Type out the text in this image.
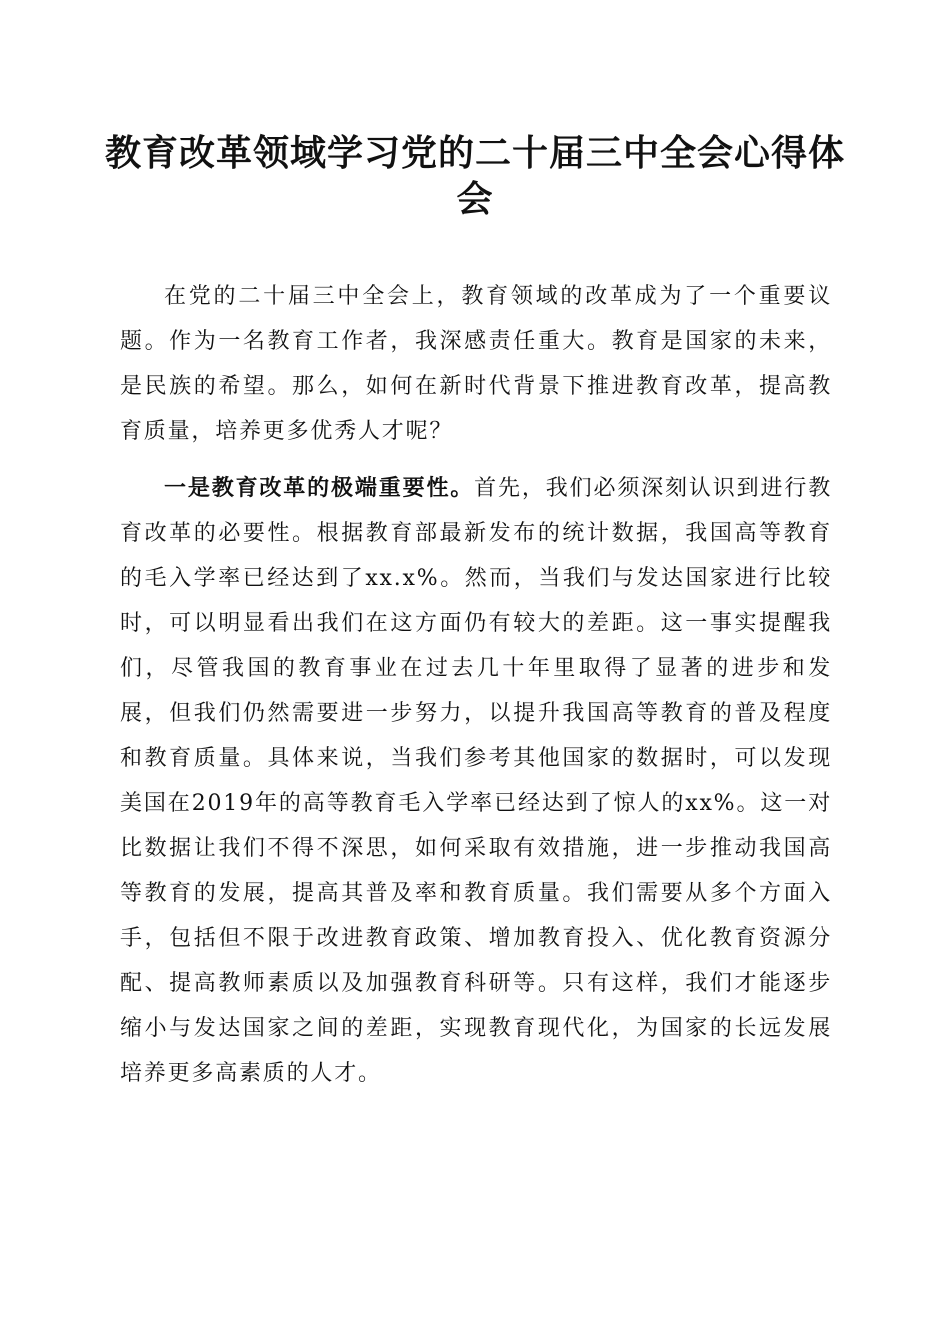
教育改革领域学习党的二十届三中全会心得体会

在党的二十届三中全会上，教育领域的改革成为了一个重要议题。作为一名教育工作者，我深感责任重大。教育是国家的未来，是民族的希望。那么，如何在新时代背景下推进教育改革，提高教育质量，培养更多优秀人才呢？

一是教育改革的极端重要性。首先，我们必须深刻认识到进行教育改革的必要性。根据教育部最新发布的统计数据，我国高等教育的毛入学率已经达到了xx.x%。然而，当我们与发达国家进行比较时，可以明显看出我们在这方面仍有较大的差距。这一事实提醒我们，尽管我国的教育事业在过去几十年里取得了显著的进步和发展，但我们仍然需要进一步努力，以提升我国高等教育的普及程度和教育质量。具体来说，当我们参考其他国家的数据时，可以发现美国在2019年的高等教育毛入学率已经达到了惊人的xx%。这一对比数据让我们不得不深思，如何采取有效措施，进一步推动我国高等教育的发展，提高其普及率和教育质量。我们需要从多个方面入手，包括但不限于改进教育政策、增加教育投入、优化教育资源分配、提高教师素质以及加强教育科研等。只有这样，我们才能逐步缩小与发达国家之间的差距，实现教育现代化，为国家的长远发展培养更多高素质的人才。
